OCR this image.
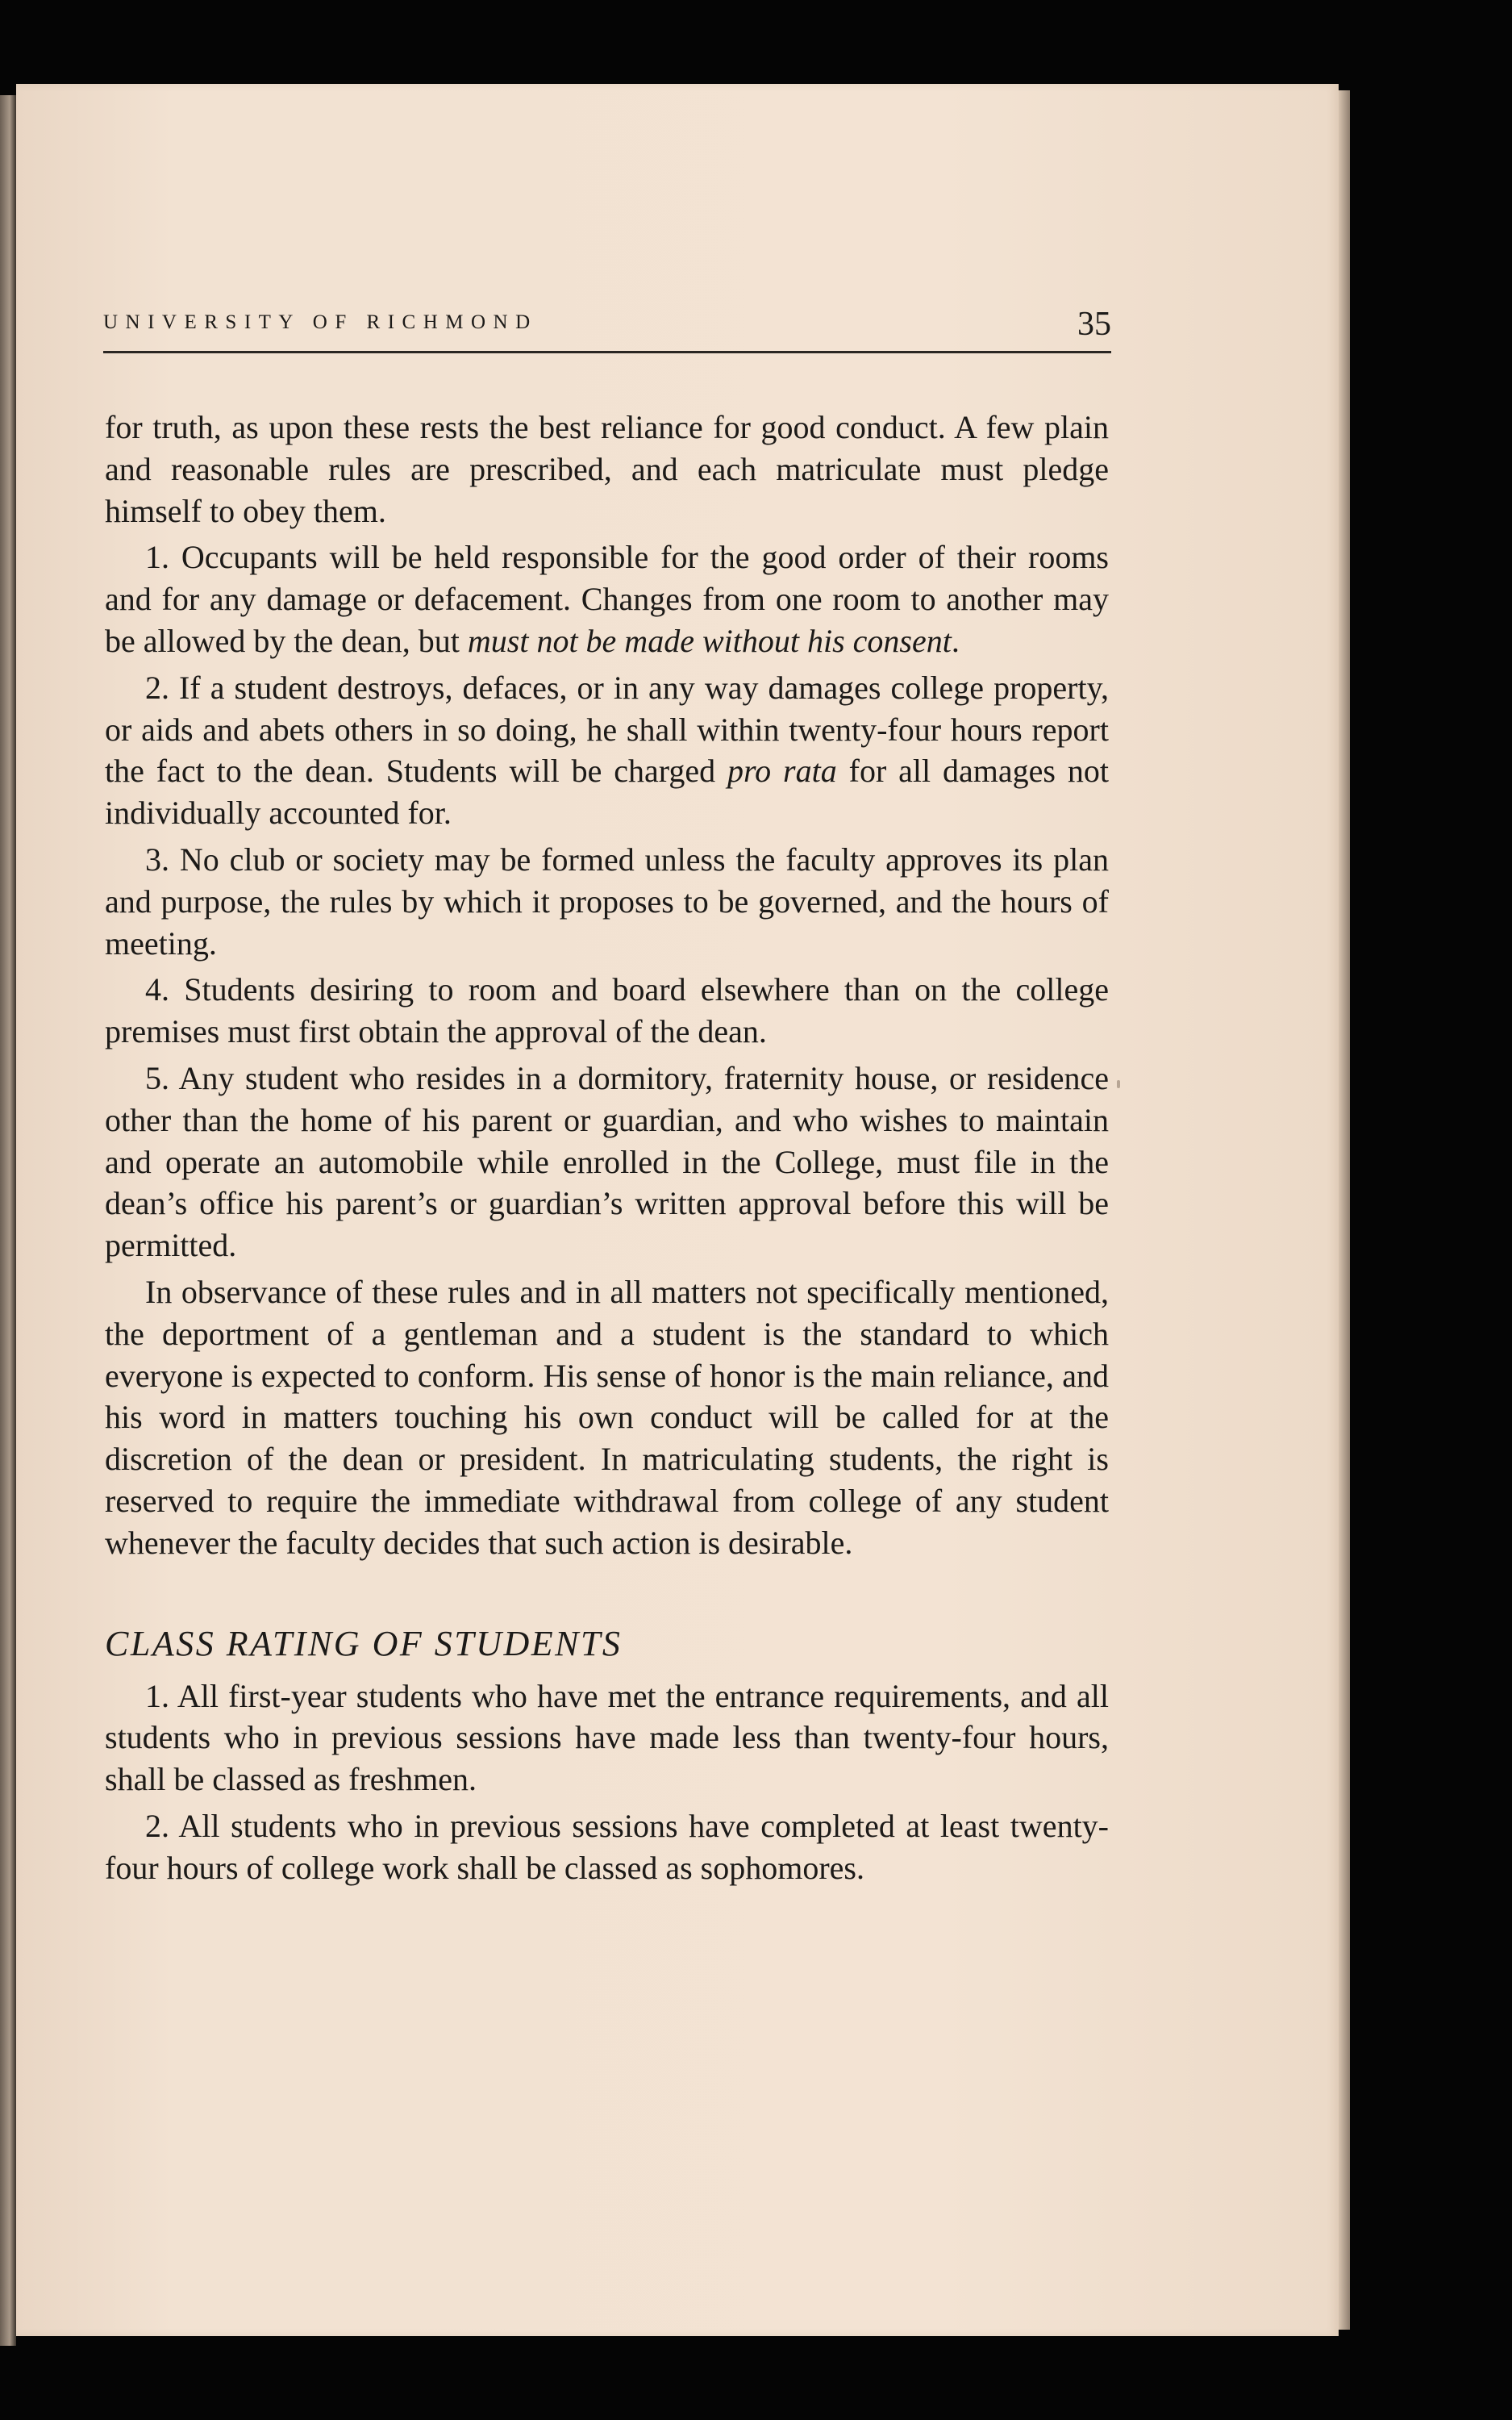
UNIVERSITY OF RICHMOND	35

for truth, as upon these rests the best reliance for good conduct. A few plain and reasonable rules are prescribed, and each matriculate must pledge himself to obey them.

1. Occupants will be held responsible for the good order of their rooms and for any damage or defacement. Changes from one room to another may be allowed by the dean, but must not be made without his consent.

2. If a student destroys, defaces, or in any way damages college property, or aids and abets others in so doing, he shall within twenty-four hours report the fact to the dean. Students will be charged pro rata for all damages not individually accounted for.

3. No club or society may be formed unless the faculty approves its plan and purpose, the rules by which it proposes to be governed, and the hours of meeting.

4. Students desiring to room and board elsewhere than on the college premises must first obtain the approval of the dean.

5. Any student who resides in a dormitory, fraternity house, or residence other than the home of his parent or guardian, and who wishes to maintain and operate an automobile while enrolled in the College, must file in the dean’s office his parent’s or guardian’s written approval before this will be permitted.

In observance of these rules and in all matters not specifically mentioned, the deportment of a gentleman and a student is the standard to which everyone is expected to conform. His sense of honor is the main reliance, and his word in matters touching his own conduct will be called for at the discretion of the dean or president. In matriculating students, the right is reserved to require the immediate withdrawal from college of any student whenever the faculty decides that such action is desirable.

CLASS RATING OF STUDENTS

1. All first-year students who have met the entrance requirements, and all students who in previous sessions have made less than twenty-four hours, shall be classed as freshmen.

2. All students who in previous sessions have completed at least twenty-four hours of college work shall be classed as sophomores.
